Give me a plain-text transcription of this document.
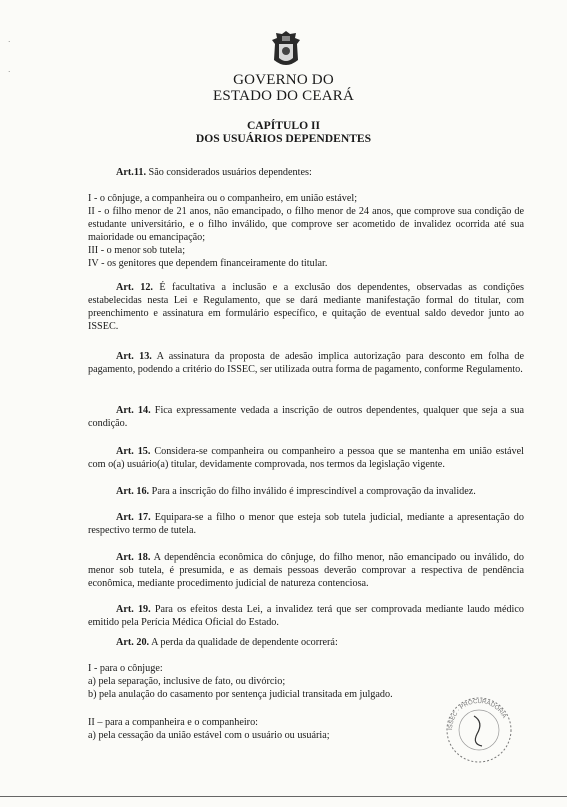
·
·	GOVERNO DO
ESTADO DO CEARÁ
CAPÍTULO II
DOS USUÁRIOS DEPENDENTES
Art.11. São considerados usuários dependentes:
I - o cônjuge, a companheira ou o companheiro, em união estável;
II - o filho menor de 21 anos, não emancipado, o filho menor de 24 anos, que comprove sua condição de estudante universitário, e o filho inválido, que comprove ser acometido de invalidez ocorrida até sua maioridade ou emancipação;
III - o menor sob tutela;
IV - os genitores que dependem financeiramente do titular.
Art. 12. É facultativa a inclusão e a exclusão dos dependentes, observadas as condições estabelecidas nesta Lei e Regulamento, que se dará mediante manifestação formal do titular, com preenchimento e assinatura em formulário específico, e quitação de eventual saldo devedor junto ao ISSEC.
Art. 13. A assinatura da proposta de adesão implica autorização para desconto em folha de pagamento, podendo a critério do ISSEC, ser utilizada outra forma de pagamento, conforme Regulamento.
Art. 14. Fica expressamente vedada a inscrição de outros dependentes, qualquer que seja a sua condição.
Art. 15. Considera-se companheira ou companheiro a pessoa que se mantenha em união estável com o(a) usuário(a) titular, devidamente comprovada, nos termos da legislação vigente.
Art. 16. Para a inscrição do filho inválido é imprescindível a comprovação da invalidez.
Art. 17. Equipara-se a filho o menor que esteja sob tutela judicial, mediante a apresentação do respectivo termo de tutela.
Art. 18. A dependência econômica do cônjuge, do filho menor, não emancipado ou inválido, do menor sob tutela, é presumida, e as demais pessoas deverão comprovar a respectiva de pendência econômica, mediante procedimento judicial de natureza contenciosa.
Art. 19. Para os efeitos desta Lei, a invalidez terá que ser comprovada mediante laudo médico emitido pela Perícia Médica Oficial do Estado.
Art. 20. A perda da qualidade de dependente ocorrerá:
I - para o cônjuge:
a) pela separação, inclusive de fato, ou divórcio;
b) pela anulação do casamento por sentença judicial transitada em julgado.
II – para a companheira e o companheiro:
a) pela cessação da união estável com o usuário ou usuária;
ISSEC · PROCURADORIA
